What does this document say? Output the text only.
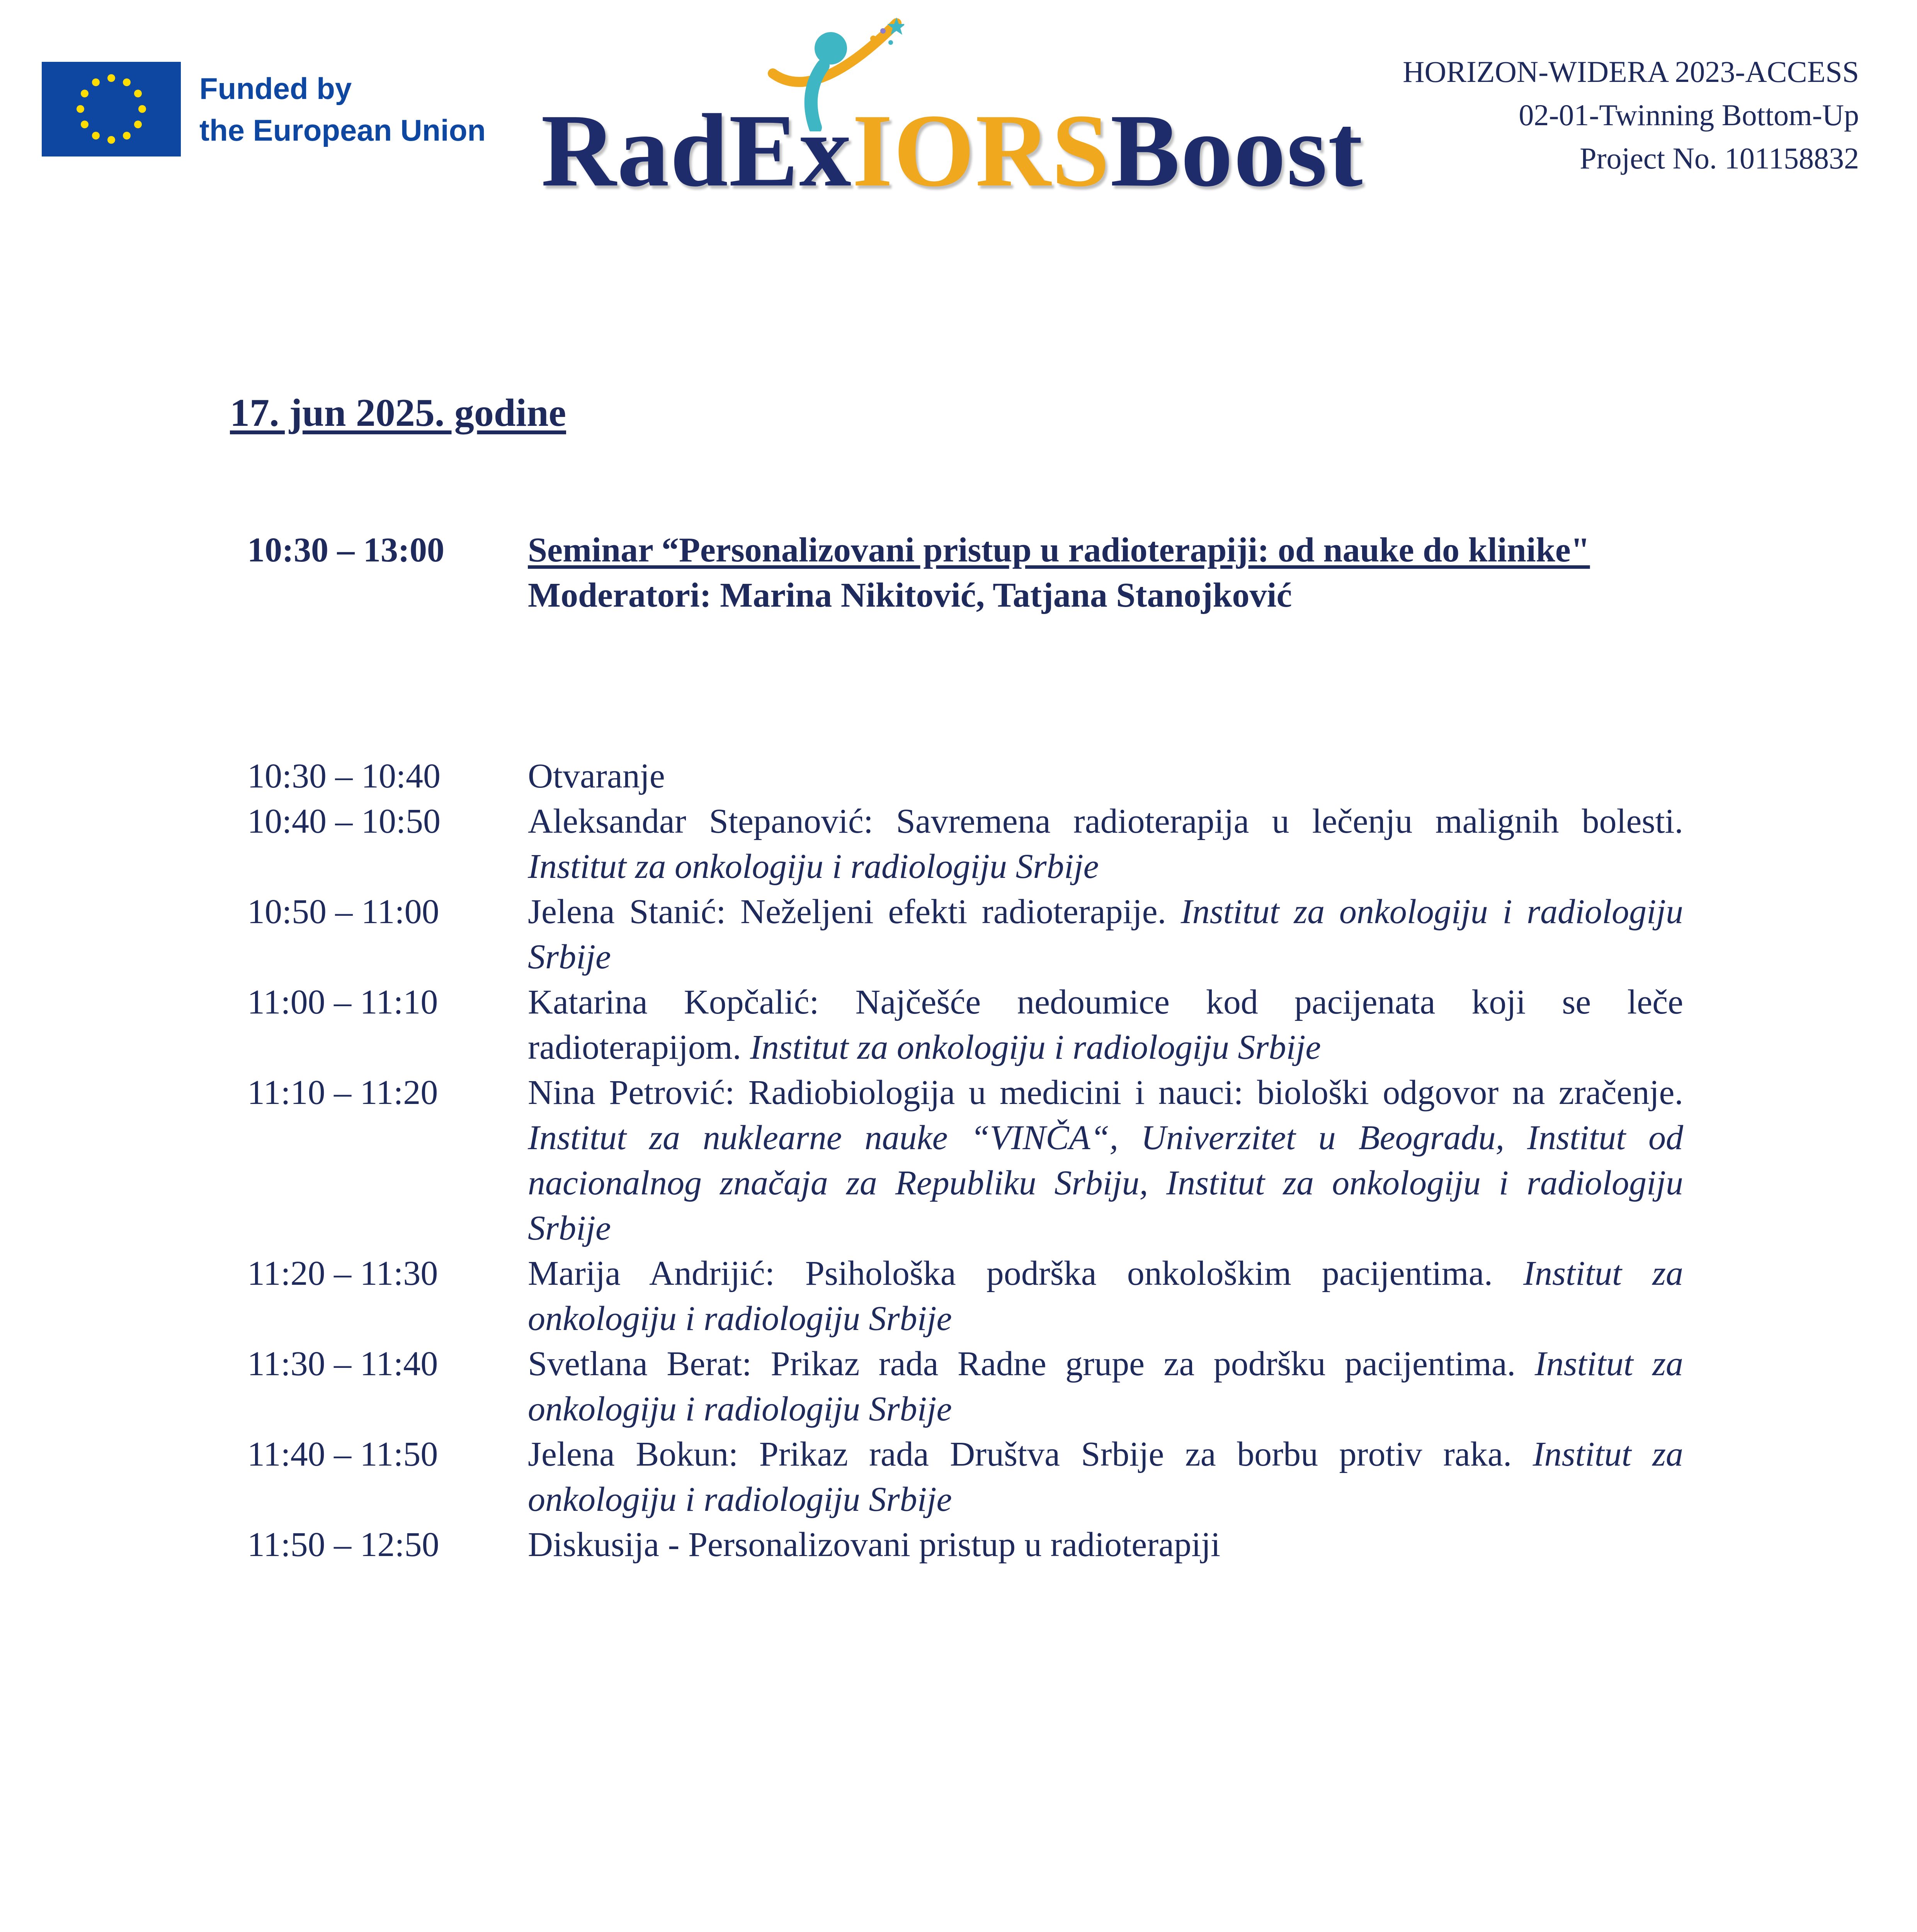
Funded by
the European Union RadExIORSBoost
HORIZON-WIDERA 2023-ACCESS
02-01-Twinning Bottom-Up
Project No. 101158832
17. jun 2025. godine
10:30 – 13:00	Seminar “Personalizovani pristup u radioterapiji: od nauke do klinike"
Moderatori: Marina Nikitović, Tatjana Stanojković
10:30 – 10:40	Otvaranje
10:40 – 10:50	Aleksandar Stepanović: Savremena radioterapija u lečenju malignih bolesti. Institut za onkologiju i radiologiju Srbije
10:50 – 11:00	Jelena Stanić: Neželjeni efekti radioterapije. Institut za onkologiju i radiologiju Srbije
11:00 – 11:10	Katarina Kopčalić: Najčešće nedoumice kod pacijenata koji se leče radioterapijom. Institut za onkologiju i radiologiju Srbije
11:10 – 11:20	Nina Petrović: Radiobiologija u medicini i nauci: biološki odgovor na zračenje. Institut za nuklearne nauke “VINČA“, Univerzitet u Beogradu, Institut od nacionalnog značaja za Republiku Srbiju, Institut za onkologiju i radiologiju Srbije
11:20 – 11:30	Marija Andrijić: Psihološka podrška onkološkim pacijentima. Institut za onkologiju i radiologiju Srbije
11:30 – 11:40	Svetlana Berat: Prikaz rada Radne grupe za podršku pacijentima. Institut za onkologiju i radiologiju Srbije
11:40 – 11:50	Jelena Bokun: Prikaz rada Društva Srbije za borbu protiv raka. Institut za onkologiju i radiologiju Srbije
11:50 – 12:50	Diskusija - Personalizovani pristup u radioterapiji
